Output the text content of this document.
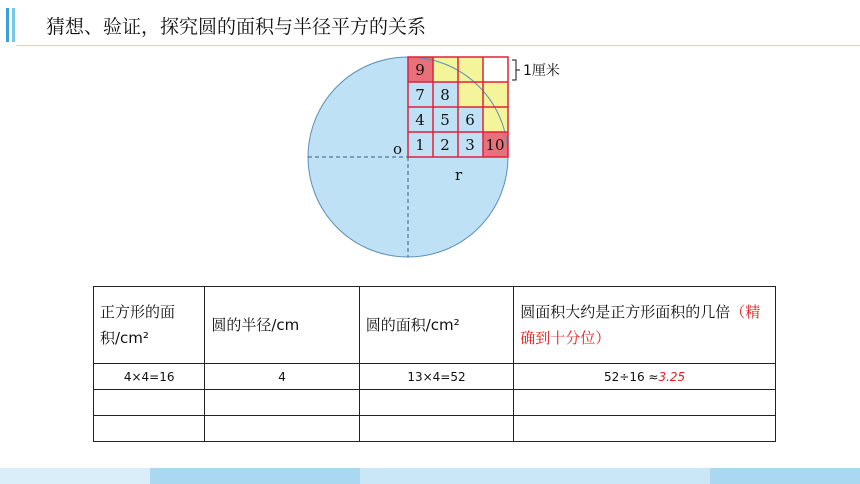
猜想、验证，探究圆的面积与半径平方的关系
9
7 8
4 5 6
1 2 3 10
1厘米
o
r
正方形的面积/cm²	圆的半径/cm	圆的面积/cm²	圆面积大约是正方形面积的几倍（精确到十分位）
4×4=16	4	13×4=52	52÷16 ≈3.25
